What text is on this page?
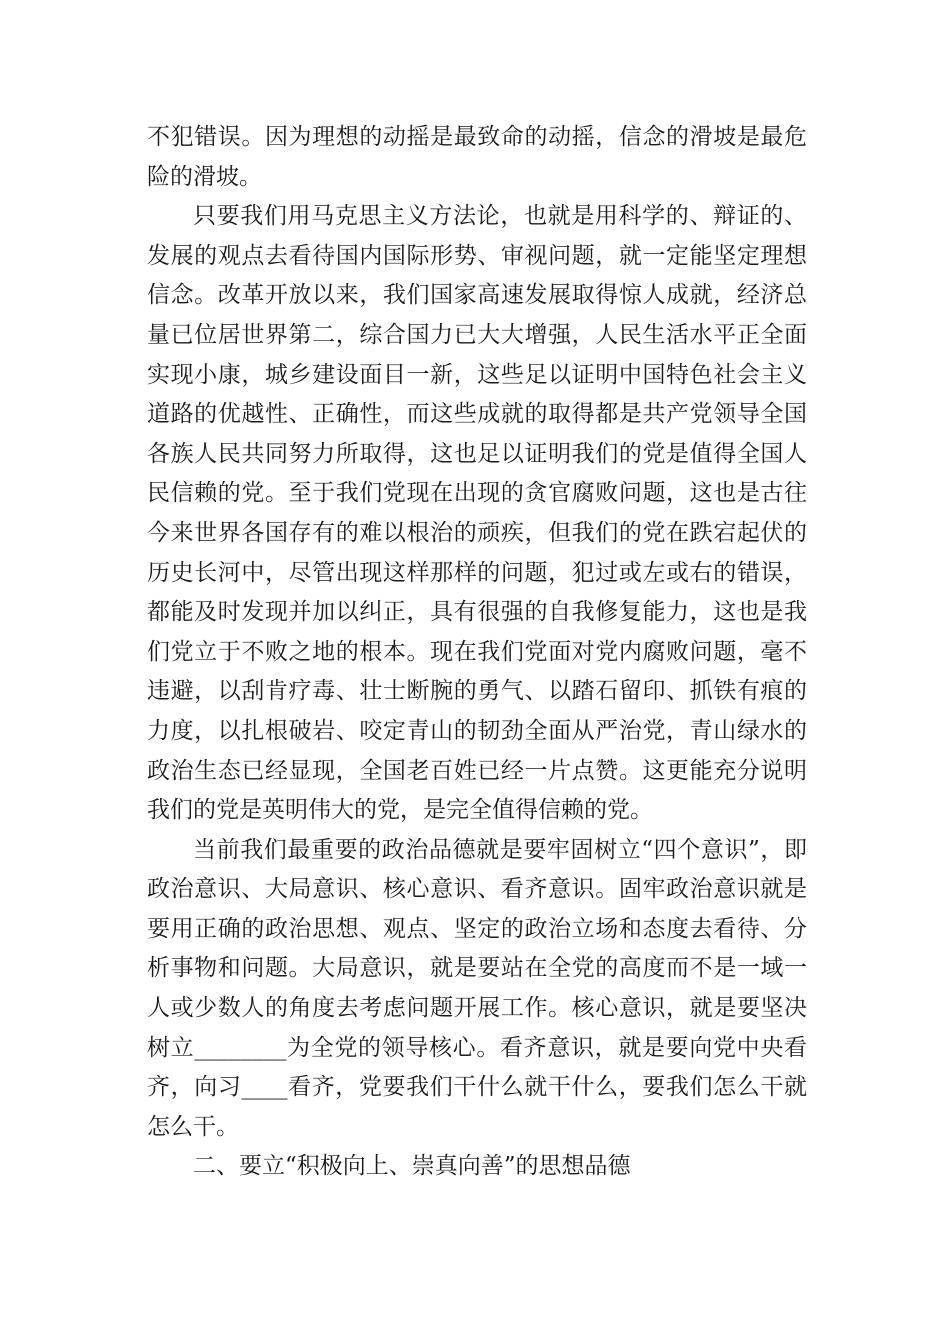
不犯错误。因为理想的动摇是最致命的动摇，信念的滑坡是最危险的滑坡。

只要我们用马克思主义方法论，也就是用科学的、辩证的、发展的观点去看待国内国际形势、审视问题，就一定能坚定理想信念。改革开放以来，我们国家高速发展取得惊人成就，经济总量已位居世界第二，综合国力已大大增强，人民生活水平正全面实现小康，城乡建设面目一新，这些足以证明中国特色社会主义道路的优越性、正确性，而这些成就的取得都是共产党领导全国各族人民共同努力所取得，这也足以证明我们的党是值得全国人民信赖的党。至于我们党现在出现的贪官腐败问题，这也是古往今来世界各国存有的难以根治的顽疾，但我们的党在跌宕起伏的历史长河中，尽管出现这样那样的问题，犯过或左或右的错误，都能及时发现并加以纠正，具有很强的自我修复能力，这也是我们党立于不败之地的根本。现在我们党面对党内腐败问题，毫不违避，以刮肯疗毒、壮士断腕的勇气、以踏石留印、抓铁有痕的力度，以扎根破岩、咬定青山的韧劲全面从严治党，青山绿水的政治生态已经显现，全国老百姓已经一片点赞。这更能充分说明我们的党是英明伟大的党，是完全值得信赖的党。

当前我们最重要的政治品德就是要牢固树立“四个意识”，即政治意识、大局意识、核心意识、看齐意识。固牢政治意识就是要用正确的政治思想、观点、坚定的政治立场和态度去看待、分析事物和问题。大局意识，就是要站在全党的高度而不是一域一人或少数人的角度去考虑问题开展工作。核心意识，就是要坚决树立________为全党的领导核心。看齐意识，就是要向党中央看齐，向习____看齐，党要我们干什么就干什么，要我们怎么干就怎么干。

二、要立“积极向上、崇真向善”的思想品德
